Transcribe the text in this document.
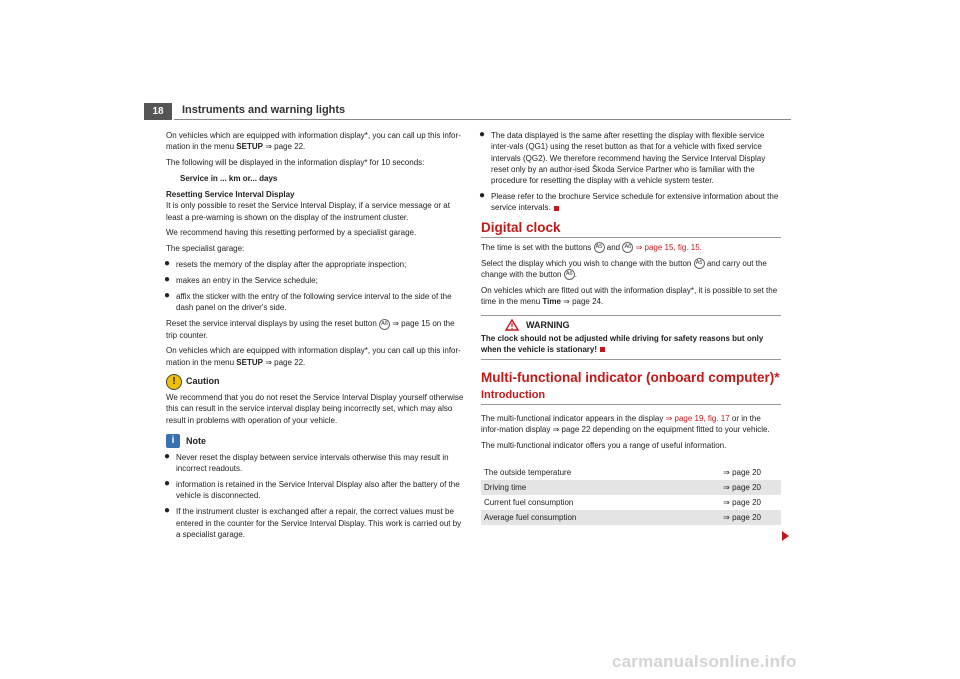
18	Instruments and warning lights

On vehicles which are equipped with information display*, you can call up this infor-mation in the menu SETUP ⇒ page 22.

The following will be displayed in the information display* for 10 seconds:

Service in ... km or... days

Resetting Service Interval Display

It is only possible to reset the Service Interval Display, if a service message or at least a pre-warning is shown on the display of the instrument cluster.

We recommend having this resetting performed by a specialist garage.

The specialist garage:

● resets the memory of the display after the appropriate inspection;
● makes an entry in the Service schedule;
● affix the sticker with the entry of the following service interval to the side of the dash panel on the driver's side.

Reset the service interval displays by using the reset button A6 ⇒ page 15 on the trip counter.

On vehicles which are equipped with information display*, you can call up this infor-mation in the menu SETUP ⇒ page 22.

!	Caution

We recommend that you do not reset the Service Interval Display yourself otherwise this can result in the service interval display being incorrectly set, which may also result in problems with operation of your vehicle.

i	Note
● Never reset the display between service intervals otherwise this may result in incorrect readouts.
● information is retained in the Service Interval Display also after the battery of the vehicle is disconnected.
● If the instrument cluster is exchanged after a repair, the correct values must be entered in the counter for the Service Interval Display. This work is carried out by a specialist garage.
● The data displayed is the same after resetting the display with flexible service inter-vals (QG1) using the reset button as that for a vehicle with fixed service intervals (QG2). We therefore recommend having the Service Interval Display reset only by an author-ised Škoda Service Partner who is familiar with the procedure for resetting the display with a vehicle system tester.
● Please refer to the brochure Service schedule for extensive information about the service intervals.
Digital clock

The time is set with the buttons A5 and A6 ⇒ page 15, fig. 15.

Select the display which you wish to change with the button A5 and carry out the change with the button A6 .

On vehicles which are fitted out with the information display*, it is possible to set the time in the menu Time ⇒ page 24.

WARNING
The clock should not be adjusted while driving for safety reasons but only when the vehicle is stationary!
Multi-functional indicator (onboard computer)*
Introduction

The multi-functional indicator appears in the display ⇒ page 19, fig. 17 or in the infor-mation display ⇒ page 22 depending on the equipment fitted to your vehicle.

The multi-functional indicator offers you a range of useful information.

The outside temperature	⇒ page 20
Driving time	⇒ page 20
Current fuel consumption	⇒ page 20
Average fuel consumption	⇒ page 20
carmanualsonline.info
